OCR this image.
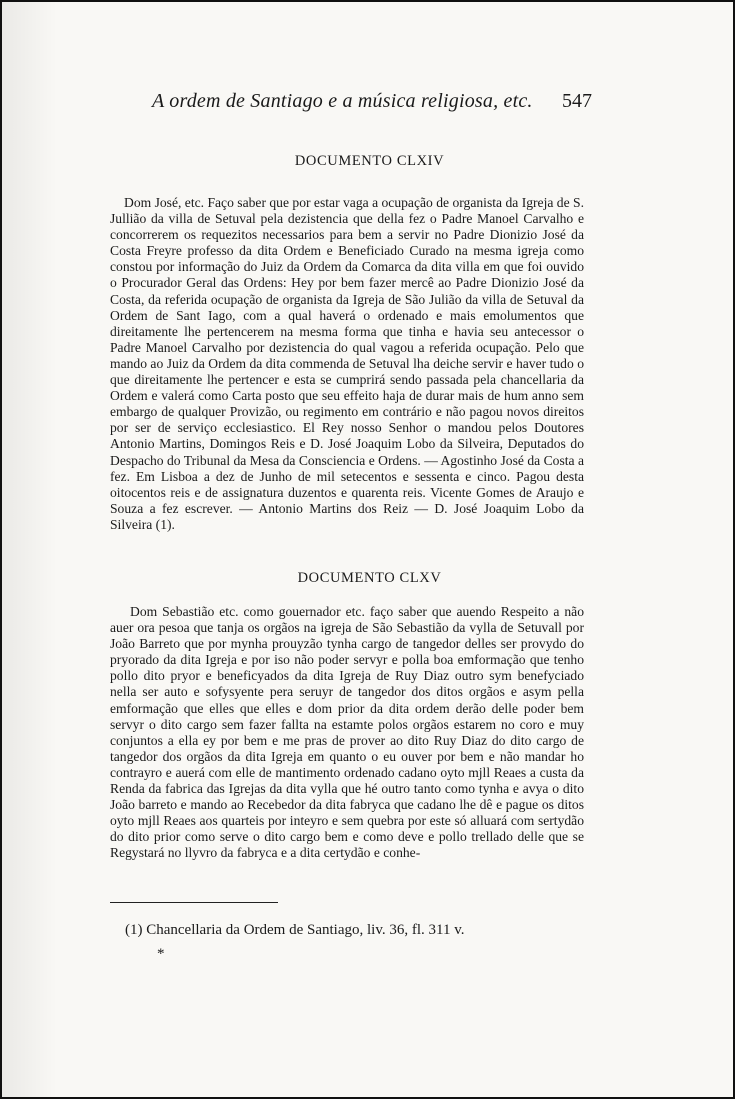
A ordem de Santiago e a música religiosa, etc. 547
DOCUMENTO CLXIV

Dom José, etc. Faço saber que por estar vaga a ocupação de organista da Igreja de S. Jullião da villa de Setuval pela dezistencia que della fez o Padre Manoel Carvalho e concorrerem os requezitos necessarios para bem a servir no Padre Dionizio José da Costa Freyre professo da dita Ordem e Beneficiado Curado na mesma igreja como constou por informação do Juiz da Ordem da Comarca da dita villa em que foi ouvido o Procurador Geral das Ordens: Hey por bem fazer mercê ao Padre Dionizio José da Costa, da referida ocupação de organista da Igreja de São Julião da villa de Setuval da Ordem de Sant Iago, com a qual haverá o ordenado e mais emolumentos que direitamente lhe pertencerem na mesma forma que tinha e havia seu antecessor o Padre Manoel Carvalho por dezistencia do qual vagou a referida ocupação. Pelo que mando ao Juiz da Ordem da dita commenda de Setuval lha deiche servir e haver tudo o que direitamente lhe pertencer e esta se cumprirá sendo passada pela chancellaria da Ordem e valerá como Carta posto que seu effeito haja de durar mais de hum anno sem embargo de qualquer Provizão, ou regimento em contrário e não pagou novos direitos por ser de serviço ecclesiastico. El Rey nosso Senhor o mandou pelos Doutores Antonio Martins, Domingos Reis e D. José Joaquim Lobo da Silveira, Deputados do Despacho do Tribunal da Mesa da Consciencia e Ordens. — Agostinho José da Costa a fez. Em Lisboa a dez de Junho de mil setecentos e sessenta e cinco. Pagou desta oitocentos reis e de assignatura duzentos e quarenta reis. Vicente Gomes de Araujo e Souza a fez escrever. — Antonio Martins dos Reiz — D. José Joaquim Lobo da Silveira (1).

DOCUMENTO CLXV

Dom Sebastião etc. como gouernador etc. faço saber que auendo Respeito a não auer ora pesoa que tanja os orgãos na igreja de São Sebastião da vylla de Setuvall por João Barreto que por mynha prouyzão tynha cargo de tangedor delles ser provydo do pryorado da dita Igreja e por iso não poder servyr e polla boa emformação que tenho pollo dito pryor e beneficyados da dita Igreja de Ruy Diaz outro sym benefyciado nella ser auto e sofysyente pera seruyr de tangedor dos ditos orgãos e asym pella emformação que elles que elles e dom prior da dita ordem derão delle poder bem servyr o dito cargo sem fazer fallta na estamte polos orgãos estarem no coro e muy conjuntos a ella ey por bem e me pras de prover ao dito Ruy Diaz do dito cargo de tangedor dos orgãos da dita Igreja em quanto o eu ouver por bem e não mandar ho contrayro e auerá com elle de mantimento ordenado cadano oyto mjll Reaes a custa da Renda da fabrica das Igrejas da dita vylla que hé outro tanto como tynha e avya o dito João barreto e mando ao Recebedor da dita fabryca que cadano lhe dê e pague os ditos oyto mjll Reaes aos quarteis por inteyro e sem quebra por este só alluará com sertydão do dito prior como serve o dito cargo bem e como deve e pollo trellado delle que se Regystará no llyvro da fabryca e a dita certydão e conhe-

(1) Chancellaria da Ordem de Santiago, liv. 36, fl. 311 v.
*
